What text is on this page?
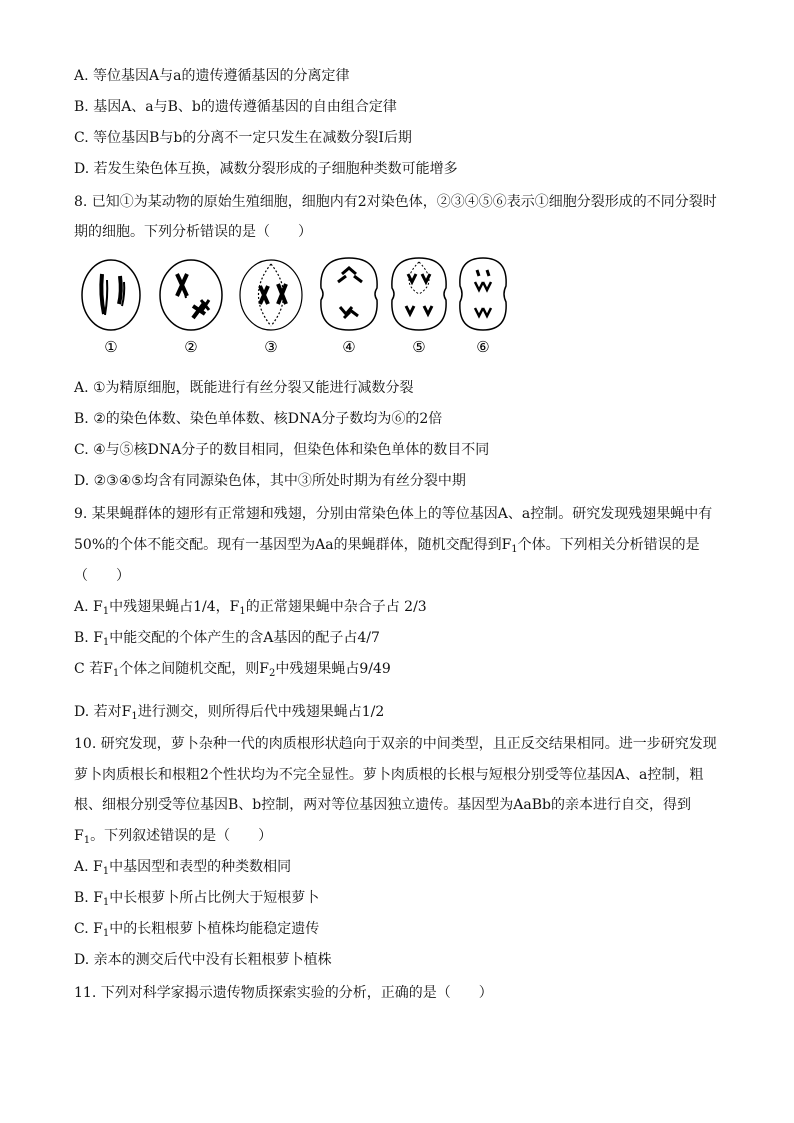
A. 等位基因A与a的遗传遵循基因的分离定律
B. 基因A、a与B、b的遗传遵循基因的自由组合定律
C. 等位基因B与b的分离不一定只发生在减数分裂Ⅰ后期
D. 若发生染色体互换，减数分裂形成的子细胞种类数可能增多
8. 已知①为某动物的原始生殖细胞，细胞内有2对染色体，②③④⑤⑥表示①细胞分裂形成的不同分裂时
期的细胞。下列分析错误的是（　　）
①	②	③	④	⑤	⑥
A. ①为精原细胞，既能进行有丝分裂又能进行减数分裂
B. ②的染色体数、染色单体数、核DNA分子数均为⑥的2倍
C. ④与⑤核DNA分子的数目相同，但染色体和染色单体的数目不同
D. ②③④⑤均含有同源染色体，其中③所处时期为有丝分裂中期
9. 某果蝇群体的翅形有正常翅和残翅，分别由常染色体上的等位基因A、a控制。研究发现残翅果蝇中有
50%的个体不能交配。现有一基因型为Aa的果蝇群体，随机交配得到$F_1$个体。下列相关分析错误的是
（　　）
A. $F_1$中残翅果蝇占1/4，$F_1$的正常翅果蝇中杂合子占 2/3
B. $F_1$中能交配的个体产生的含A基因的配子占4/7
C 若$F_1$个体之间随机交配，则$F_2$中残翅果蝇占9/49
D. 若对$F_1$进行测交，则所得后代中残翅果蝇占1/2
10. 研究发现，萝卜杂种一代的肉质根形状趋向于双亲的中间类型，且正反交结果相同。进一步研究发现
萝卜肉质根长和根粗2个性状均为不完全显性。萝卜肉质根的长根与短根分别受等位基因A、a控制，粗
根、细根分别受等位基因B、b控制，两对等位基因独立遗传。基因型为AaBb的亲本进行自交，得到
$F_1$。下列叙述错误的是（　　）
A. $F_1$中基因型和表型的种类数相同
B. $F_1$中长根萝卜所占比例大于短根萝卜
C. $F_1$中的长粗根萝卜植株均能稳定遗传
D. 亲本的测交后代中没有长粗根萝卜植株
11. 下列对科学家揭示遗传物质探索实验的分析，正确的是（　　）
